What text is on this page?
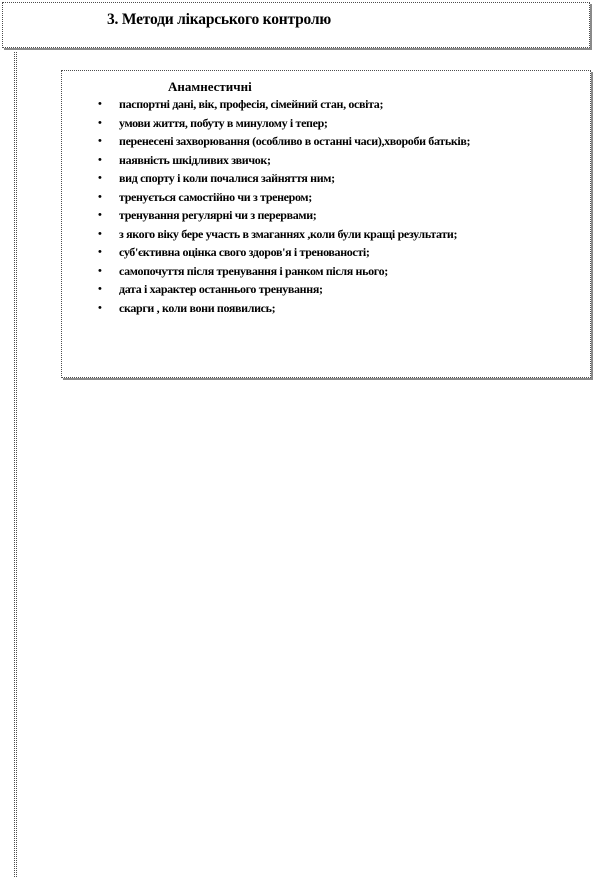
3. Методи лікарського контролю
Анамнестичні
• паспортні дані, вік, професія, сімейний стан, освіта;
• умови життя, побуту в минулому і тепер;
• перенесені захворювання (особливо в останні часи),хвороби батьків;
• наявність шкідливих звичок;
• вид спорту і коли почалися зайняття ним;
• тренується самостійно чи з тренером;
• тренування регулярні чи з перервами;
• з якого віку бере участь в змаганнях ,коли були кращі результати;
• суб'єктивна оцінка свого здоров'я і тренованості;
• самопочуття після тренування і ранком після нього;
• дата і характер останнього тренування;
• скарги , коли вони появились;
